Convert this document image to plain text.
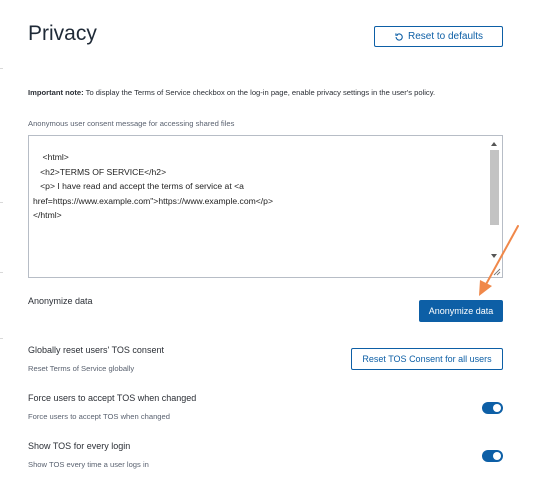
Privacy	Reset to defaults

Important note: To display the Terms of Service checkbox on the log-in page, enable privacy settings in the user's policy.

Anonymous user consent message for accessing shared files
<html>
<h2>TERMS OF SERVICE</h2>
<p> I have read and accept the terms of service at <a
href=https://www.example.com">https://www.example.com</p>
</html>
Anonymize data
Anonymize data
Globally reset users' TOS consent
Reset Terms of Service globally
Reset TOS Consent for all users
Force users to accept TOS when changed
Force users to accept TOS when changed
Show TOS for every login
Show TOS every time a user logs in
